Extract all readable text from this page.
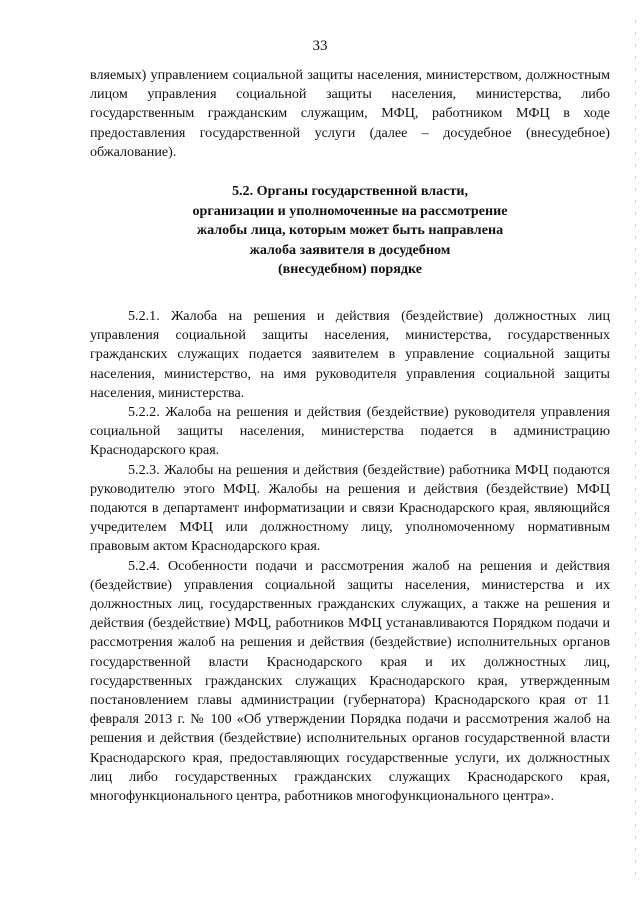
33

вляемых) управлением социальной защиты населения, министерством, должностным лицом управления социальной защиты населения, министерства, либо государственным гражданским служащим, МФЦ, работником МФЦ в ходе предоставления государственной услуги (далее – досудебное (внесудебное) обжалование).

5.2. Органы государственной власти,
организации и уполномоченные на рассмотрение
жалобы лица, которым может быть направлена
жалоба заявителя в досудебном
(внесудебном) порядке

5.2.1. Жалоба на решения и действия (бездействие) должностных лиц управления социальной защиты населения, министерства, государственных гражданских служащих подается заявителем в управление социальной защиты населения, министерство, на имя руководителя управления социальной защиты населения, министерства.

5.2.2. Жалоба на решения и действия (бездействие) руководителя управления социальной защиты населения, министерства подается в администрацию Краснодарского края.

5.2.3. Жалобы на решения и действия (бездействие) работника МФЦ подаются руководителю этого МФЦ. Жалобы на решения и действия (бездействие) МФЦ подаются в департамент информатизации и связи Краснодарского края, являющийся учредителем МФЦ или должностному лицу, уполномоченному нормативным правовым актом Краснодарского края.

5.2.4. Особенности подачи и рассмотрения жалоб на решения и действия (бездействие) управления социальной защиты населения, министерства и их должностных лиц, государственных гражданских служащих, а также на решения и действия (бездействие) МФЦ, работников МФЦ устанавливаются Порядком подачи и рассмотрения жалоб на решения и действия (бездействие) исполнительных органов государственной власти Краснодарского края и их должностных лиц, государственных гражданских служащих Краснодарского края, утвержденным постановлением главы администрации (губернатора) Краснодарского края от 11 февраля 2013 г. № 100 «Об утверждении Порядка подачи и рассмотрения жалоб на решения и действия (бездействие) исполнительных органов государственной власти Краснодарского края, предоставляющих государственные услуги, их должностных лиц либо государственных гражданских служащих Краснодарского края, многофункционального центра, работников многофункционального центра».
